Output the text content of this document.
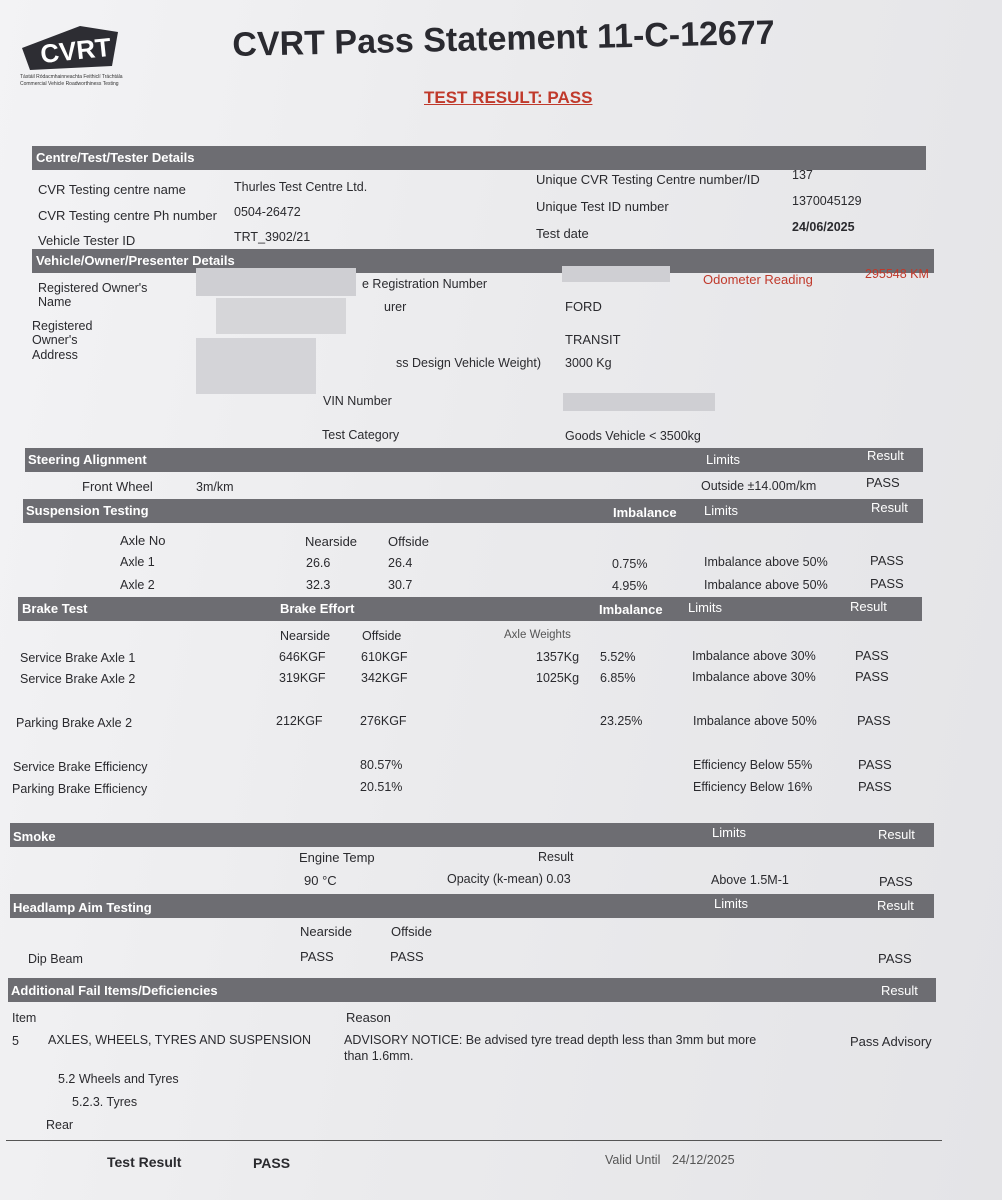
CVRT
Tástáil Ródacmhainneachta Feithiclí Tráchtála
Commercial Vehicle Roadworthiness Testing
CVRT Pass Statement 11-C-12677
TEST RESULT: PASS
Centre/Test/Tester Details
CVR Testing centre name	Thurles Test Centre Ltd.
CVR Testing centre Ph number 0504-26472
Vehicle Tester ID	TRT_3902/21
Unique CVR Testing Centre number/ID	137
Unique Test ID number	1370045129
Test date	24/06/2025
Vehicle/Owner/Presenter Details
Registered Owner's
Name
Registered
Owner's
Address
e Registration Number
urer	FORD
TRANSIT
ss Design Vehicle Weight) 3000 Kg
VIN Number
Test Category	Goods Vehicle < 3500kg
Odometer Reading	295548 KM
Steering Alignment	Limits	Result
Front Wheel	3m/km	Outside ±14.00m/km	PASS
Suspension Testing	Imbalance Limits	Result
Axle No	Nearside Offside
Axle 1	26.6	26.4	0.75%	Imbalance above 50%	PASS
Axle 2	32.3	30.7	4.95%	Imbalance above 50%	PASS
Brake Test	Brake Effort	Imbalance Limits	Result
Nearside	Offside	Axle Weights
Service Brake Axle 1	646KGF	610KGF	1357Kg 5.52%	Imbalance above 30%	PASS
Service Brake Axle 2	319KGF	342KGF	1025Kg 6.85%	Imbalance above 30%	PASS
Parking Brake Axle 2	212KGF	276KGF	23.25%	Imbalance above 50%	PASS
Service Brake Efficiency	80.57%	Efficiency Below 55%	PASS
Parking Brake Efficiency	20.51%	Efficiency Below 16%	PASS
Smoke	Limits	Result
Engine Temp	Result
90 °C	Opacity (k-mean) 0.03	Above 1.5M-1	PASS
Headlamp Aim Testing	Limits	Result
Nearside	Offside
Dip Beam	PASS	PASS	PASS
Additional Fail Items/Deficiencies	Result
Item	Reason
5 AXLES, WHEELS, TYRES AND SUSPENSION	ADVISORY NOTICE: Be advised tyre tread depth less than 3mm but more
than 1.6mm.
Pass Advisory
5.2 Wheels and Tyres
5.2.3. Tyres
Rear
Test Result	PASS	Valid Until 24/12/2025
